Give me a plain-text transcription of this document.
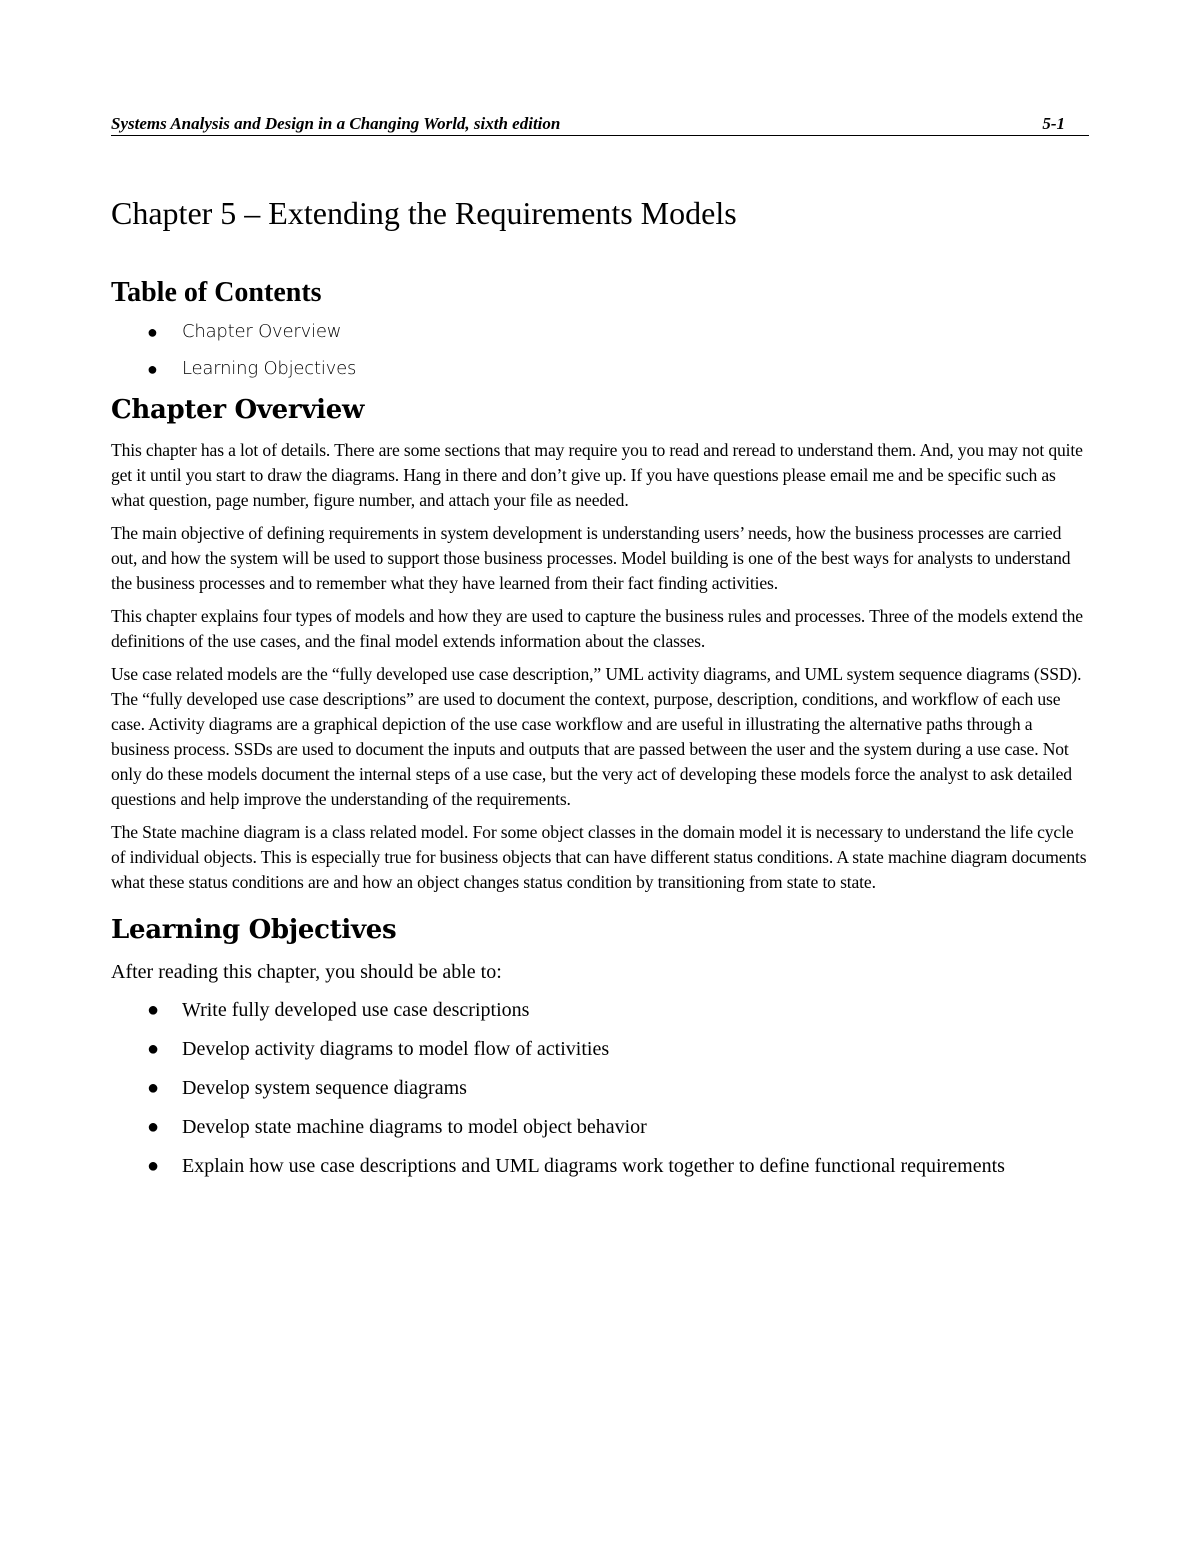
Systems Analysis and Design in a Changing World, sixth edition	5-1
Chapter 5 – Extending the Requirements Models
Table of Contents
● Chapter Overview
● Learning Objectives
Chapter Overview

This chapter has a lot of details. There are some sections that may require you to read and reread to understand them. And, you may not quite get it until you start to draw the diagrams. Hang in there and don’t give up. If you have questions please email me and be specific such as what question, page number, figure number, and attach your file as needed.

The main objective of defining requirements in system development is understanding users’ needs, how the business processes are carried out, and how the system will be used to support those business processes. Model building is one of the best ways for analysts to understand the business processes and to remember what they have learned from their fact finding activities.

This chapter explains four types of models and how they are used to capture the business rules and processes. Three of the models extend the definitions of the use cases, and the final model extends information about the classes.

Use case related models are the “fully developed use case description,” UML activity diagrams, and UML system sequence diagrams (SSD). The “fully developed use case descriptions” are used to document the context, purpose, description, conditions, and workflow of each use case. Activity diagrams are a graphical depiction of the use case workflow and are useful in illustrating the alternative paths through a business process. SSDs are used to document the inputs and outputs that are passed between the user and the system during a use case. Not only do these models document the internal steps of a use case, but the very act of developing these models force the analyst to ask detailed questions and help improve the understanding of the requirements.

The State machine diagram is a class related model. For some object classes in the domain model it is necessary to understand the life cycle of individual objects. This is especially true for business objects that can have different status conditions. A state machine diagram documents what these status conditions are and how an object changes status condition by transitioning from state to state.

Learning Objectives

After reading this chapter, you should be able to:

● Write fully developed use case descriptions
● Develop activity diagrams to model flow of activities
● Develop system sequence diagrams
● Develop state machine diagrams to model object behavior
● Explain how use case descriptions and UML diagrams work together to define functional requirements
